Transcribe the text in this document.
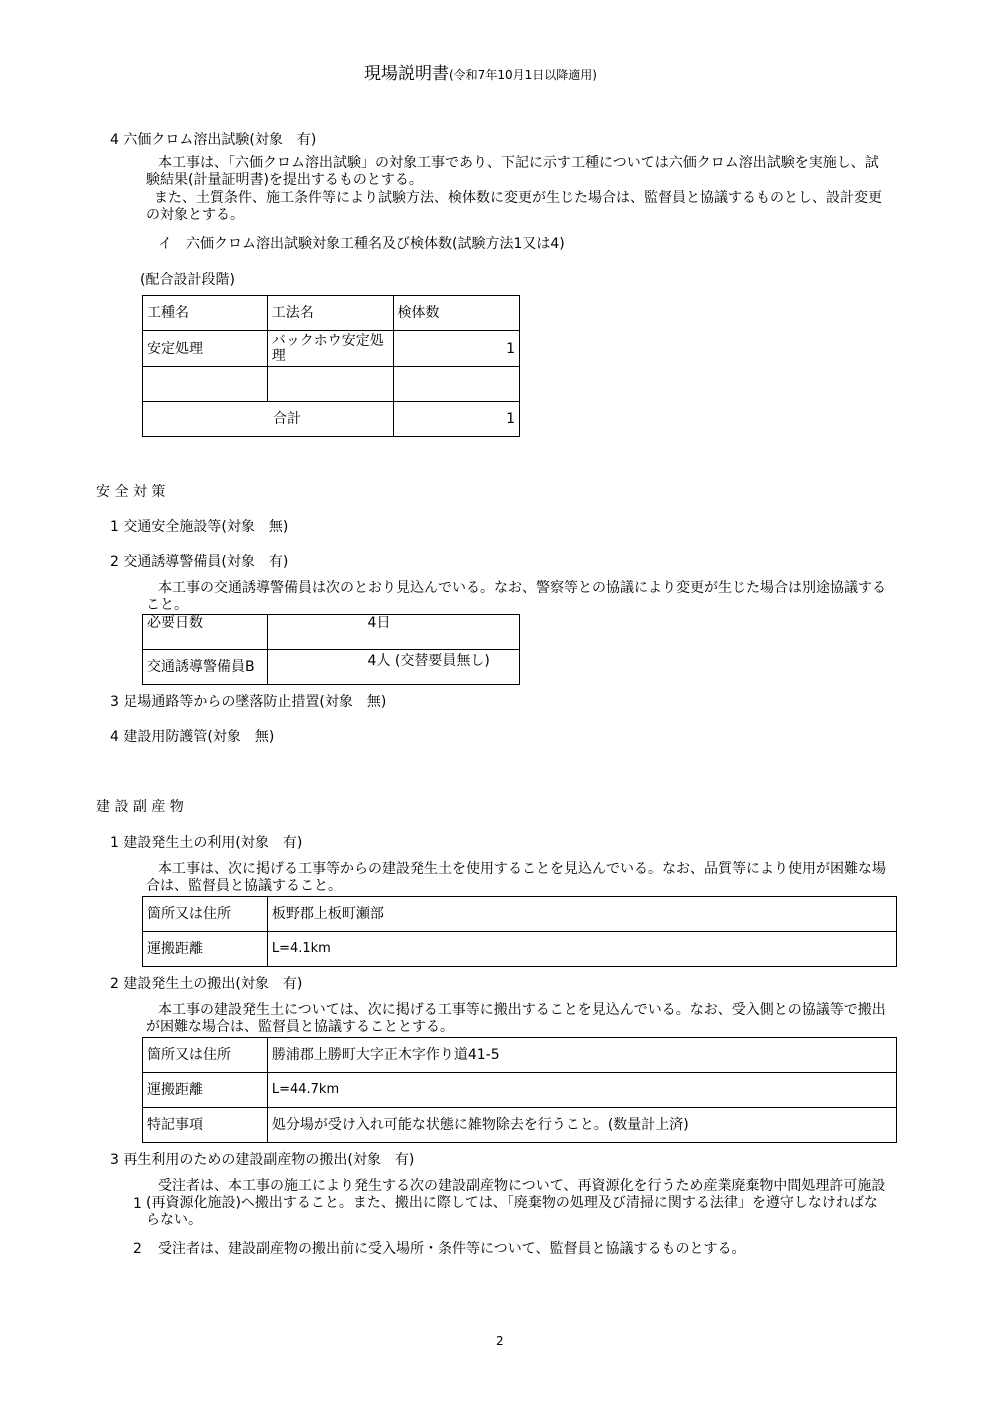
現場説明書(令和7年10月1日以降適用)
4 六価クロム溶出試験(対象　有)
本工事は、「六価クロム溶出試験」の対象工事であり、下記に示す工種については六価クロム溶出試験を実施し、試験結果(計量証明書)を提出するものとする。
また、土質条件、施工条件等により試験方法、検体数に変更が生じた場合は、監督員と協議するものとし、設計変更の対象とする。
イ　六価クロム溶出試験対象工種名及び検体数(試験方法1又は4)
(配合設計段階)
工種名	工法名	検体数
安定処理	バックホウ安定処理	1

合計		1
安 全 対 策
1 交通安全施設等(対象　無)
2 交通誘導警備員(対象　有)
本工事の交通誘導警備員は次のとおり見込んでいる。なお、警察等との協議により変更が生じた場合は別途協議すること。
必要日数	4日
交通誘導警備員B	4人 (交替要員無し)
3 足場通路等からの墜落防止措置(対象　無)
4 建設用防護管(対象　無)
建 設 副 産 物
1 建設発生土の利用(対象　有)
本工事は、次に掲げる工事等からの建設発生土を使用することを見込んでいる。なお、品質等により使用が困難な場合は、監督員と協議すること。
箇所又は住所	板野郡上板町瀬部
運搬距離	L=4.1km
2 建設発生土の搬出(対象　有)
本工事の建設発生土については、次に掲げる工事等に搬出することを見込んでいる。なお、受入側との協議等で搬出が困難な場合は、監督員と協議することとする。
箇所又は住所	勝浦郡上勝町大字正木字作り道41-5
運搬距離	L=44.7km
特記事項	処分場が受け入れ可能な状態に雑物除去を行うこと。(数量計上済)
3 再生利用のための建設副産物の搬出(対象　有)
1
受注者は、本工事の施工により発生する次の建設副産物について、再資源化を行うため産業廃棄物中間処理許可施設(再資源化施設)へ搬出すること。また、搬出に際しては、「廃棄物の処理及び清掃に関する法律」を遵守しなければならない。
2 受注者は、建設副産物の搬出前に受入場所・条件等について、監督員と協議するものとする。
2
